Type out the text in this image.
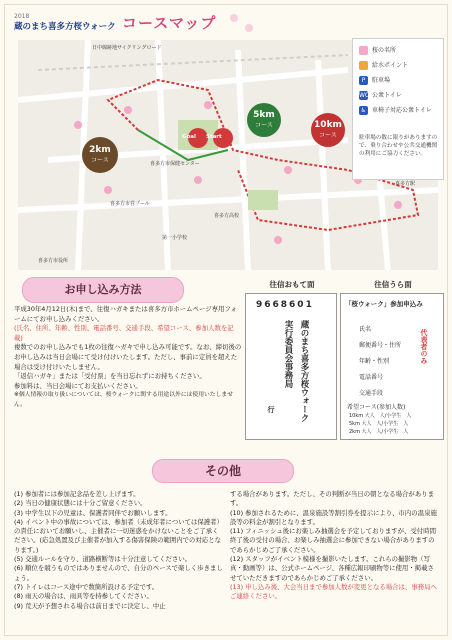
2018
蔵のまち喜多方桜ウォーク コースマップ
Goal Start
2km
コース
5km
コース	10km
コース
日中線跡地サイクリングロード
喜多方駅
喜多方高校
喜多方市役所
喜多方市保健センター
喜多方市営プール
第一小学校
桜の名所
給水ポイント
P 駐車場
WC 公衆トイレ
♿ 車椅子対応公衆トイレ
駐車場の数に限りがありますので、乗り合わせや公共交通機関の利用にご協力ください。
お申し込み方法

平成30年4月12日(木)まで、往復ハガキまたは喜多方市ホームページ専用フォームにてお申し込みください。

(氏名、住所、年齢、性別、電話番号、交通手段、希望コース、参加人数を記載)

複数でのお申し込みでも1枚の往復ハガキで申し込み可能です。なお、締切後のお申し込みは当日会場にて受け付けいたします。ただし、事前に定員を超えた場合は受け付けいたしません。

「返信ハガキ」または「受付票」を当日忘れずにお持ちください。

参加料は、当日会場にてお支払いください。

※個人情報の取り扱いについては、桜ウォークに関する用途以外には使用いたしません。

往信おもて面
9668601
蔵のまち喜多方桜ウォーク
実行委員会事務局
行
往信うら面
「桜ウォーク」参加申込み
氏名
郵便番号・住所
年齢・性別
電話番号
交通手段
希望コース(参加人数)
10km 大人　人/小学生　人
5km 大人　人/小学生　人
2km 大人　人/小学生　人
代表者のみ
その他

(1) 参加者には参加記念品を差し上げます。

(2) 当日の健康状態には十分ご留意ください。

(3) 中学生以下の児童は、保護者同伴でお願いします。

(4) イベント中の事故については、参加者（未成年者については保護者）の責任においてお願いし、主催者に一切迷惑をかけないことをご了承ください。(応急処置及び主催者が加入する傷害保険の範囲内での対応となります。)

(5) 交通ルールを守り、道路横断等は十分注意してください。

(6) 順位を競うものではありませんので、自分のペースで楽しく歩きましょう。

(7) トイレはコース途中で数箇所設ける予定です。

(8) 雨天の場合は、雨具等を持参してください。

(9) 荒天が予想される場合は前日までに決定し、中止

する場合があります。ただし、その判断が当日の朝となる場合があります。

(10) 参加されるために、温泉施設等割引券を提示により、市内の温泉施設等の料金が割引となります。

(11) フィニッシュ後にお楽しみ抽選会を予定しておりますが、受付時間終了後の受付の場合、お楽しみ抽選会に参加できない場合がありますのであらかじめご了承ください。

(12) スタッフがイベント模様を撮影いたします。これらの撮影物（写真・動画等）は、公式ホームページ、各種広報印刷物等に使用・掲載させていただきますのであらかじめご了承ください。

(13) 申し込み後、大会当日まで参加人数が変更となる場合は、事務局へご連絡ください。
